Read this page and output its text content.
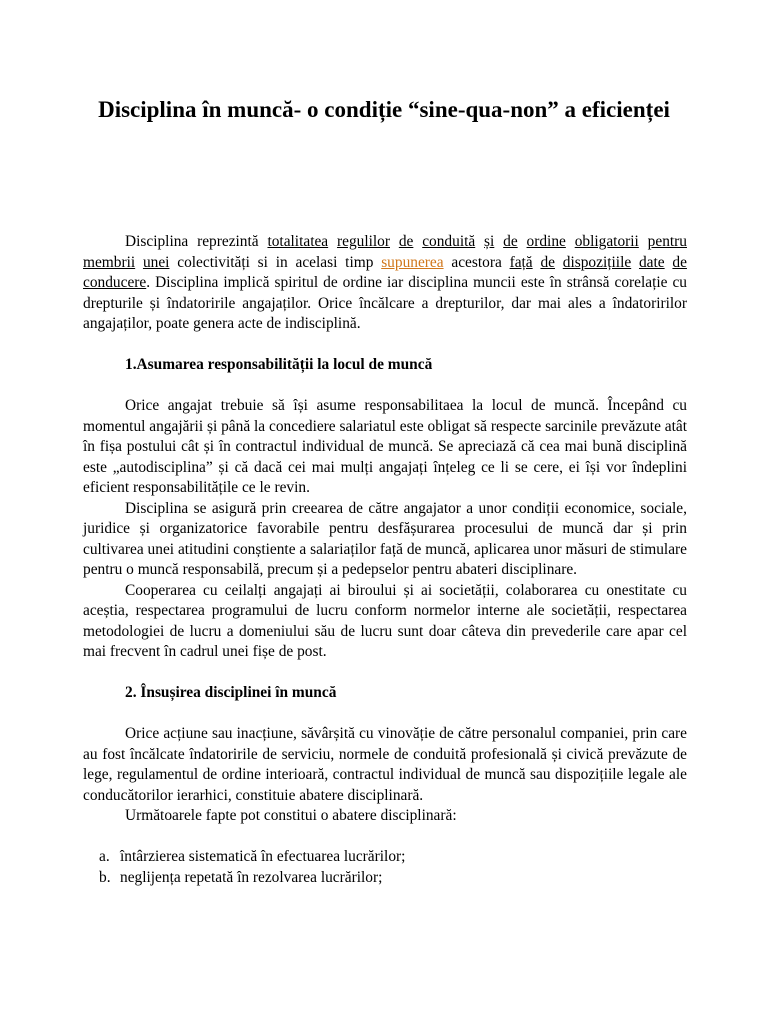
Disciplina în muncă- o condiție “sine-qua-non” a eficienței

Disciplina reprezintă totalitatea regulilor de conduită și de ordine obligatorii pentru membrii unei colectivități si in acelasi timp supunerea acestora față de dispozițiile date de conducere. Disciplina implică spiritul de ordine iar disciplina muncii este în strânsă corelație cu drepturile și îndatoririle angajaților. Orice încălcare a drepturilor, dar mai ales a îndatoririlor angajaților, poate genera acte de indisciplină.

1.Asumarea responsabilității la locul de muncă

Orice angajat trebuie să își asume responsabilitaea la locul de muncă. Începând cu momentul angajării și până la concediere salariatul este obligat să respecte sarcinile prevăzute atât în fișa postului cât și în contractul individual de muncă. Se apreciază că cea mai bună disciplină este „autodisciplina” și că dacă cei mai mulți angajați înțeleg ce li se cere, ei își vor îndeplini eficient responsabilitățile ce le revin.

Disciplina se asigură prin creearea de către angajator a unor condiții economice, sociale, juridice și organizatorice favorabile pentru desfășurarea procesului de muncă dar și prin cultivarea unei atitudini conștiente a salariaților față de muncă, aplicarea unor măsuri de stimulare pentru o muncă responsabilă, precum și a pedepselor pentru abateri disciplinare.

Cooperarea cu ceilalți angajați ai biroului și ai societății, colaborarea cu onestitate cu aceștia, respectarea programului de lucru conform normelor interne ale societății, respectarea metodologiei de lucru a domeniului său de lucru sunt doar câteva din prevederile care apar cel mai frecvent în cadrul unei fișe de post.

2. Însușirea disciplinei în muncă

Orice acțiune sau inacțiune, săvârșită cu vinovăție de către personalul companiei, prin care au fost încălcate îndatoririle de serviciu, normele de conduită profesională și civică prevăzute de lege, regulamentul de ordine interioară, contractul individual de muncă sau dispozițiile legale ale conducătorilor ierarhici, constituie abatere disciplinară.

Următoarele fapte pot constitui o abatere disciplinară:

a. întârzierea sistematică în efectuarea lucrărilor;
b. neglijența repetată în rezolvarea lucrărilor;
